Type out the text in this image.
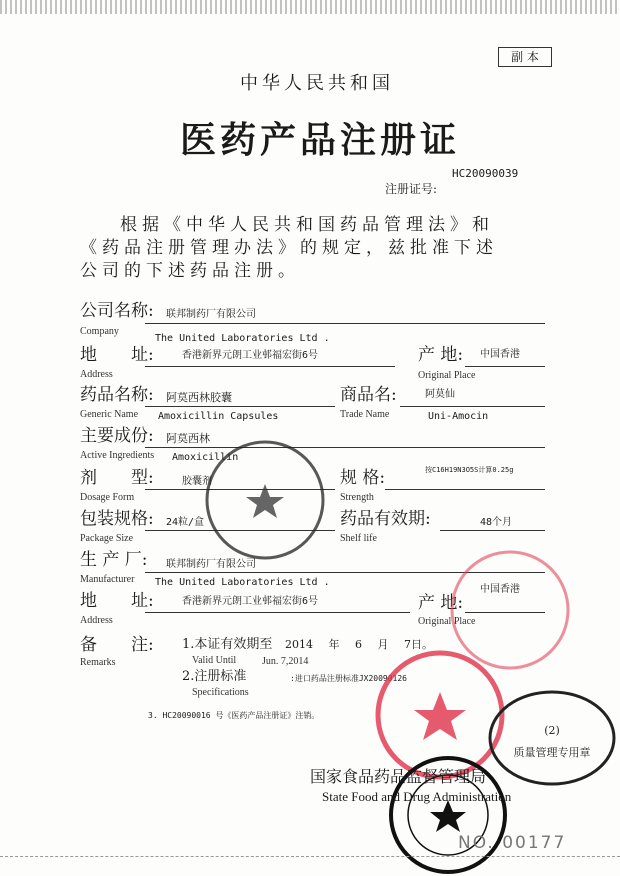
副 本
中华人民共和国
医药产品注册证
HC20090039
注册证号:
根据《中华人民共和国药品管理法》和
《药品注册管理办法》的规定，兹批准下述
公司的下述药品注册。
公司名称: 联邦制药厂有限公司
Company
The United Laboratories Ltd .
地　　址:	香港新界元朗工业邨福宏街6号
Address
产 地: 中国香港
Original Place
药品名称: 阿莫西林胶囊
Generic Name Amoxicillin Capsules
商品名:	阿莫仙
Trade Name	Uni-Amocin
主要成份: 阿莫西林
Active Ingredients Amoxicillin
剂　　型:	胶囊剂
Dosage Form
规 格:	按C16H19N3O5S计算0.25g
Strength
包装规格: 24粒/盒
Package Size
药品有效期:	48个月
Shelf life
生 产 厂: 联邦制药厂有限公司
Manufacturer The United Laboratories Ltd .
地　　址:	香港新界元朗工业邨福宏街6号
Address
产 地:
中国香港
Original Place
备　　注:
Remarks
1.本证有效期至 2014 年 6 月 7日。
Valid Until	Jun. 7,2014
2.注册标准
Specifications
:进口药品注册标准JX20090126
3. HC20090016 号《医药产品注册证》注销。
(2)
质量管理专用章
国家食品药品监督管理局
State Food and Drug Administration
NO. 00177
